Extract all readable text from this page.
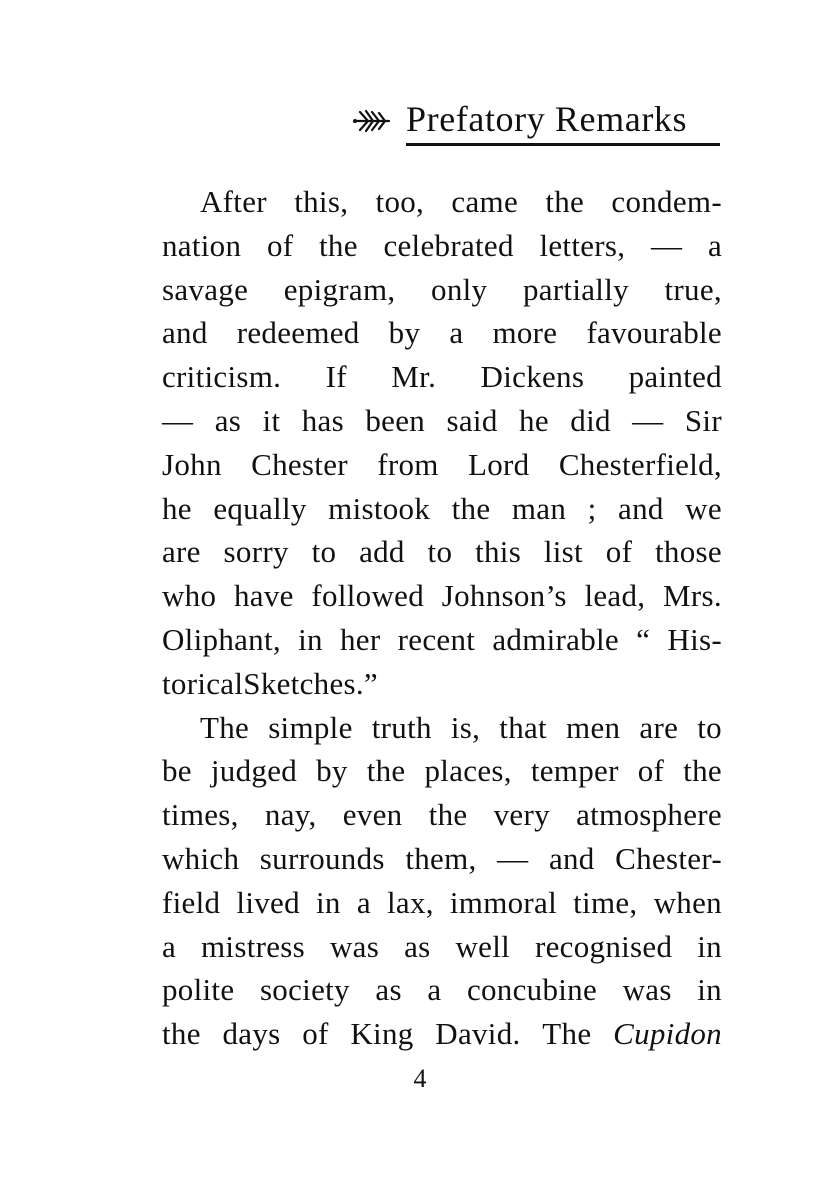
Prefatory Remarks
After this, too, came the condem-
nation of the celebrated letters, — a
savage epigram, only partially true,
and redeemed by a more favourable
criticism. If Mr. Dickens painted
— as it has been said he did — Sir
John Chester from Lord Chesterfield,
he equally mistook the man ; and we
are sorry to add to this list of those
who have followed Johnson’s lead, Mrs.
Oliphant, in her recent admirable “ His-
torical Sketches.”
The simple truth is, that men are to
be judged by the places, temper of the
times, nay, even the very atmosphere
which surrounds them, — and Chester-
field lived in a lax, immoral time, when
a mistress was as well recognised in
polite society as a concubine was in
the days of King David. The Cupidon
4
